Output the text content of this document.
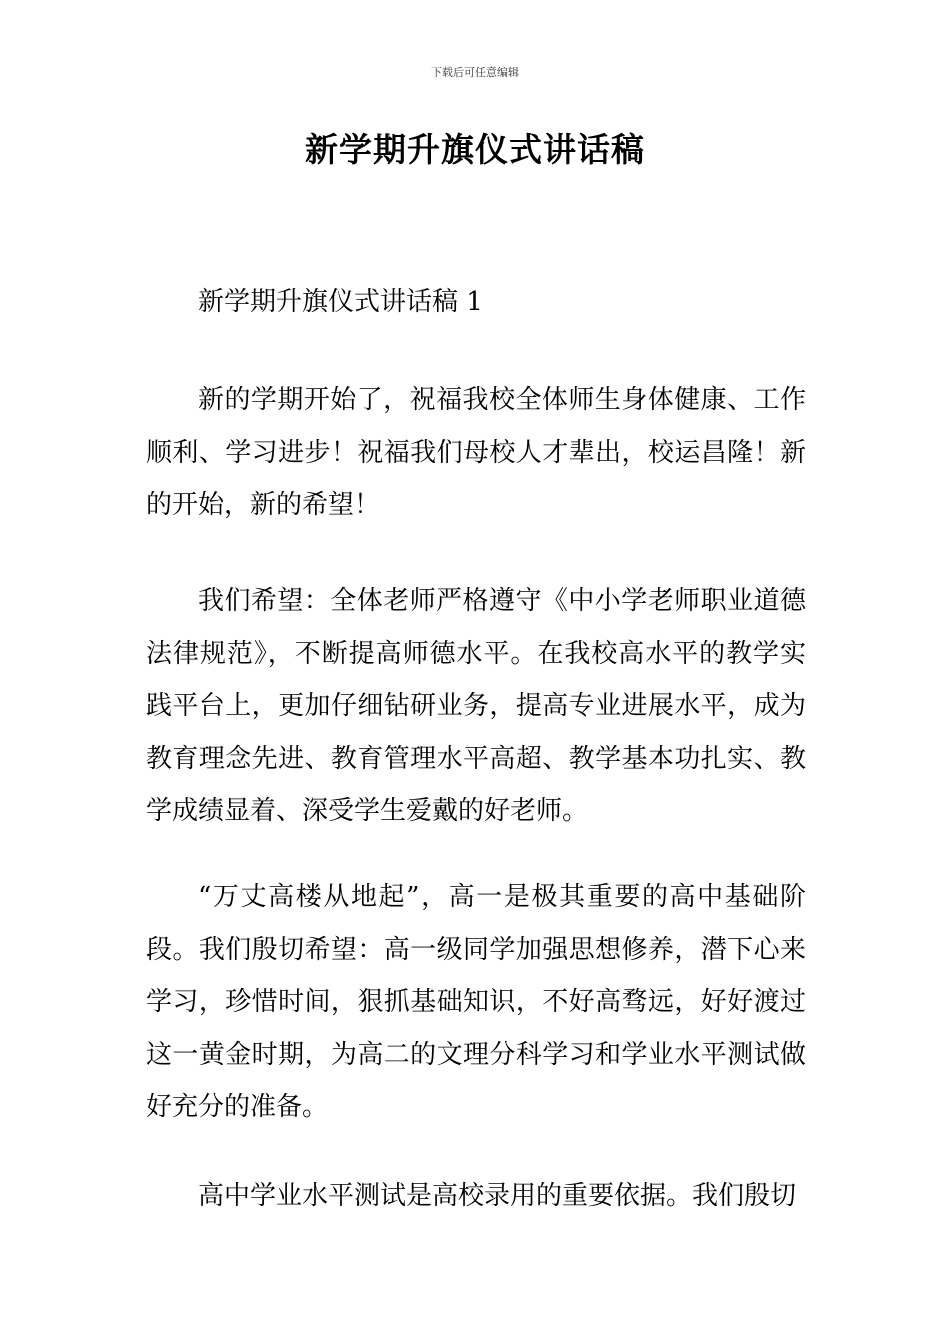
下载后可任意编辑
新学期升旗仪式讲话稿

新学期升旗仪式讲话稿 1

新的学期开始了，祝福我校全体师生身体健康、工作顺利、学习进步！祝福我们母校人才辈出，校运昌隆！新的开始，新的希望！

我们希望：全体老师严格遵守《中小学老师职业道德法律规范》，不断提高师德水平。在我校高水平的教学实践平台上，更加仔细钻研业务，提高专业进展水平，成为教育理念先进、教育管理水平高超、教学基本功扎实、教学成绩显着、深受学生爱戴的好老师。

“万丈高楼从地起”，高一是极其重要的高中基础阶段。我们殷切希望：高一级同学加强思想修养，潜下心来学习，珍惜时间，狠抓基础知识，不好高骛远，好好渡过这一黄金时期，为高二的文理分科学习和学业水平测试做好充分的准备。

高中学业水平测试是高校录用的重要依据。我们殷切
